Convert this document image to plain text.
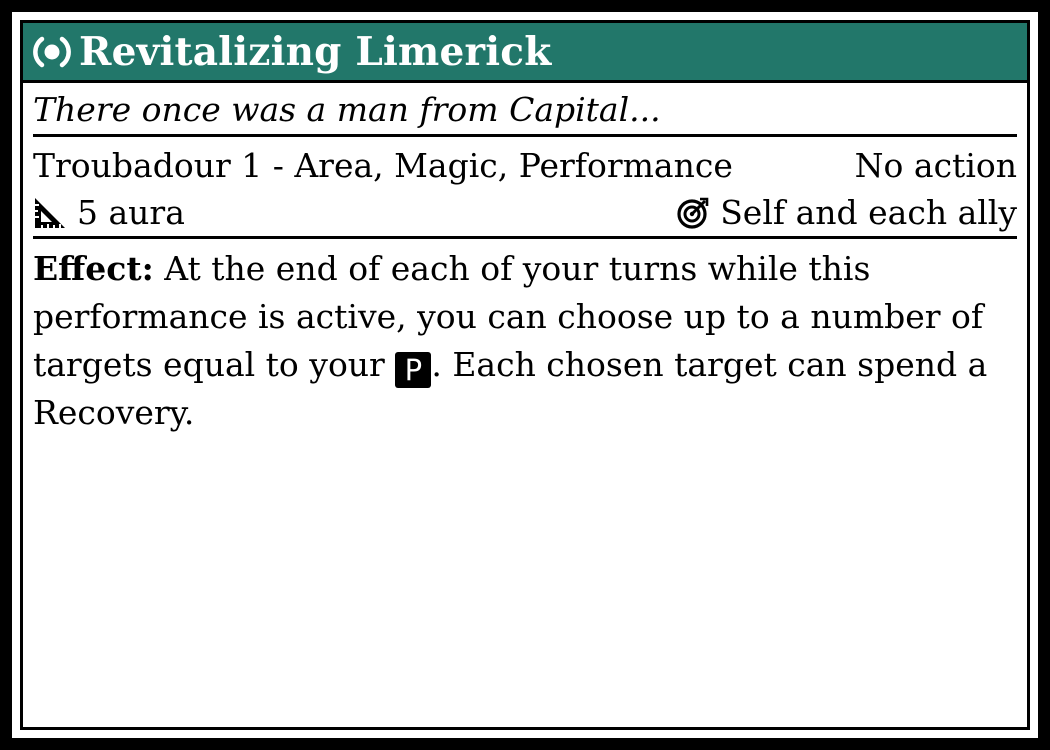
Revitalizing Limerick
There once was a man from Capital...
Troubadour 1 - Area, Magic, Performance	No action
5 aura	Self and each ally
Effect: At the end of each of your turns while this performance is active, you can choose up to a number of targets equal to your P . Each chosen target can spend a Recovery.
